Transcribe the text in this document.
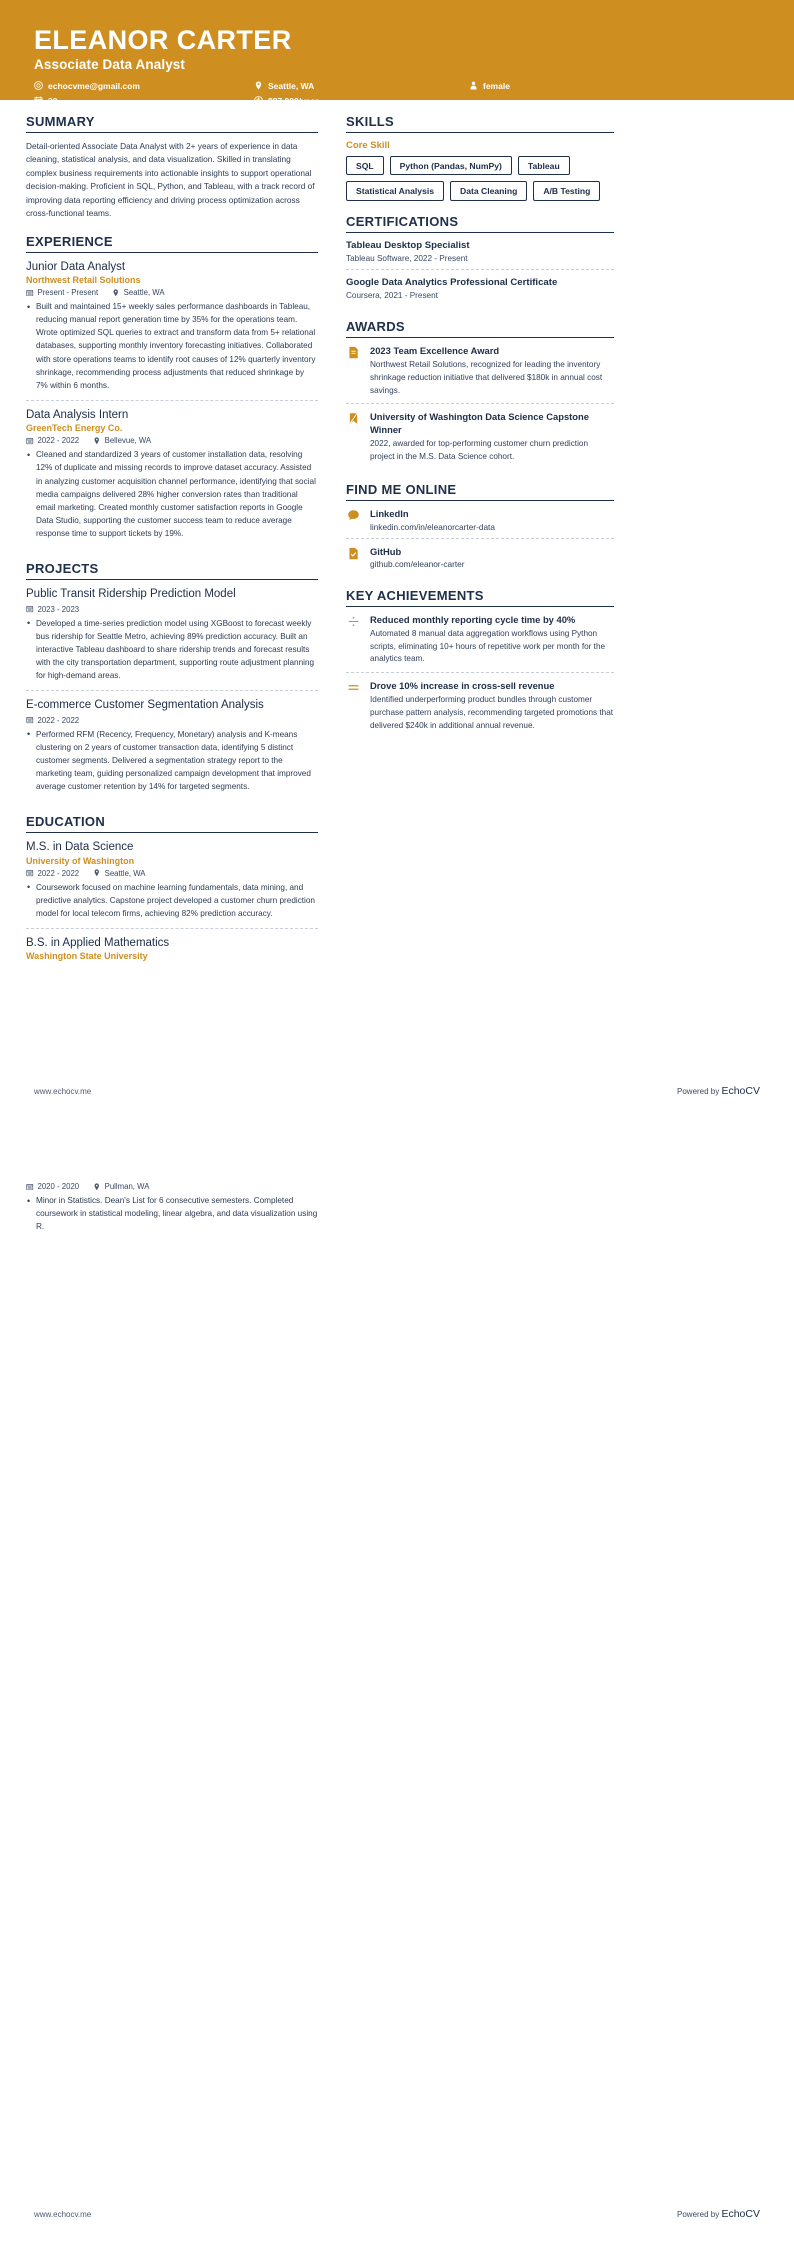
ELEANOR CARTER
Associate Data Analyst
echocvme@gmail.com	Seattle, WA	female
30	$97,000/year
SUMMARY
Detail-oriented Associate Data Analyst with 2+ years of experience in data cleaning, statistical analysis, and data visualization. Skilled in translating complex business requirements into actionable insights to support operational decision-making. Proficient in SQL, Python, and Tableau, with a track record of improving data reporting efficiency and driving process optimization across cross-functional teams.
EXPERIENCE
Junior Data Analyst
Northwest Retail Solutions
Present - Present	Seattle, WA
• Built and maintained 15+ weekly sales performance dashboards in Tableau, reducing manual report generation time by 35% for the operations team. Wrote optimized SQL queries to extract and transform data from 5+ relational databases, supporting monthly inventory forecasting initiatives. Collaborated with store operations teams to identify root causes of 12% quarterly inventory shrinkage, recommending process adjustments that reduced shrinkage by 7% within 6 months.
Data Analysis Intern
GreenTech Energy Co.
2022 - 2022	Bellevue, WA
• Cleaned and standardized 3 years of customer installation data, resolving 12% of duplicate and missing records to improve dataset accuracy. Assisted in analyzing customer acquisition channel performance, identifying that social media campaigns delivered 28% higher conversion rates than traditional email marketing. Created monthly customer satisfaction reports in Google Data Studio, supporting the customer success team to reduce average response time to support tickets by 19%.
PROJECTS
Public Transit Ridership Prediction Model
2023 - 2023
• Developed a time-series prediction model using XGBoost to forecast weekly bus ridership for Seattle Metro, achieving 89% prediction accuracy. Built an interactive Tableau dashboard to share ridership trends and forecast results with the city transportation department, supporting route adjustment planning for high-demand areas.
E-commerce Customer Segmentation Analysis
2022 - 2022
• Performed RFM (Recency, Frequency, Monetary) analysis and K-means clustering on 2 years of customer transaction data, identifying 5 distinct customer segments. Delivered a segmentation strategy report to the marketing team, guiding personalized campaign development that improved average customer retention by 14% for targeted segments.
EDUCATION
M.S. in Data Science
University of Washington
2022 - 2022	Seattle, WA
• Coursework focused on machine learning fundamentals, data mining, and predictive analytics. Capstone project developed a customer churn prediction model for local telecom firms, achieving 82% prediction accuracy.
B.S. in Applied Mathematics
Washington State University
SKILLS
Core Skill
SQL	Python (Pandas, NumPy)	Tableau
Statistical Analysis	Data Cleaning	A/B Testing
CERTIFICATIONS
Tableau Desktop Specialist
Tableau Software, 2022 - Present
Google Data Analytics Professional Certificate
Coursera, 2021 - Present
AWARDS
2023 Team Excellence Award
Northwest Retail Solutions, recognized for leading the inventory shrinkage reduction initiative that delivered $180k in annual cost savings.
University of Washington Data Science Capstone Winner
2022, awarded for top-performing customer churn prediction project in the M.S. Data Science cohort.
FIND ME ONLINE
LinkedIn
linkedin.com/in/eleanorcarter-data
GitHub
github.com/eleanor-carter
KEY ACHIEVEMENTS
Reduced monthly reporting cycle time by 40%
Automated 8 manual data aggregation workflows using Python scripts, eliminating 10+ hours of repetitive work per month for the analytics team.
Drove 10% increase in cross-sell revenue
Identified underperforming product bundles through customer purchase pattern analysis, recommending targeted promotions that delivered $240k in additional annual revenue.
www.echocv.me	Powered by EchoCV
2020 - 2020	Pullman, WA
• Minor in Statistics. Dean's List for 6 consecutive semesters. Completed coursework in statistical modeling, linear algebra, and data visualization using R.
www.echocv.me	Powered by EchoCV
